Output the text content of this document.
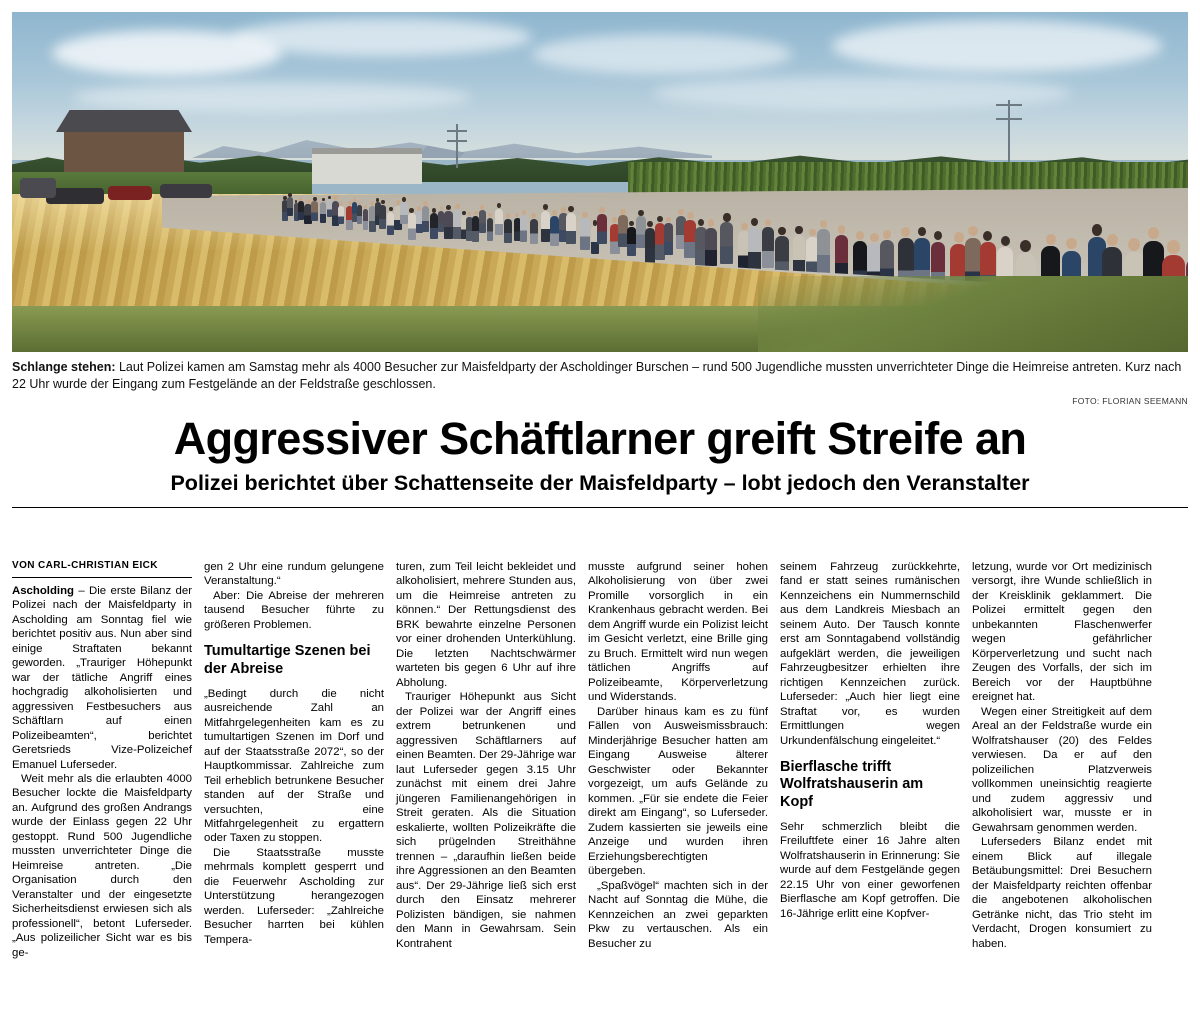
Schlange stehen: Laut Polizei kamen am Samstag mehr als 4000 Besucher zur Maisfeldparty der Ascholdinger Burschen – rund 500 Jugendliche mussten unverrichteter Dinge die Heimreise antreten. Kurz nach 22 Uhr wurde der Eingang zum Festgelände an der Feldstraße geschlossen.
FOTO: FLORIAN SEEMANN
Aggressiver Schäftlarner greift Streife an
Polizei berichtet über Schattenseite der Maisfeldparty – lobt jedoch den Veranstalter
VON CARL-CHRISTIAN EICK

Ascholding – Die erste Bilanz der Polizei nach der Maisfeldparty in Ascholding am Sonntag fiel wie berichtet positiv aus. Nun aber sind einige Straftaten bekannt geworden. „Trauriger Höhepunkt war der tätliche Angriff eines hochgradig alkoholisierten und aggressiven Festbesuchers aus Schäftlarn auf einen Polizeibeamten“, berichtet Geretsrieds Vize-Polizeichef Emanuel Luferseder.

Weit mehr als die erlaubten 4000 Besucher lockte die Maisfeldparty an. Aufgrund des großen Andrangs wurde der Einlass gegen 22 Uhr gestoppt. Rund 500 Jugendliche mussten unverrichteter Dinge die Heimreise antreten. „Die Organisation durch den Veranstalter und der eingesetzte Sicherheitsdienst erwiesen sich als professionell“, betont Luferseder. „Aus polizeilicher Sicht war es bis ge-

gen 2 Uhr eine rundum gelungene Veranstaltung.“

Aber: Die Abreise der mehreren tausend Besucher führte zu größeren Problemen.

Tumultartige Szenen bei der Abreise

„Bedingt durch die nicht ausreichende Zahl an Mitfahrgelegenheiten kam es zu tumultartigen Szenen im Dorf und auf der Staatsstraße 2072“, so der Hauptkommissar. Zahlreiche zum Teil erheblich betrunkene Besucher standen auf der Straße und versuchten, eine Mitfahrgelegenheit zu ergattern oder Taxen zu stoppen.

Die Staatsstraße musste mehrmals komplett gesperrt und die Feuerwehr Ascholding zur Unterstützung herangezogen werden. Luferseder: „Zahlreiche Besucher harrten bei kühlen Tempera-

turen, zum Teil leicht bekleidet und alkoholisiert, mehrere Stunden aus, um die Heimreise antreten zu können.“ Der Rettungsdienst des BRK bewahrte einzelne Personen vor einer drohenden Unterkühlung. Die letzten Nachtschwärmer warteten bis gegen 6 Uhr auf ihre Abholung.

Trauriger Höhepunkt aus Sicht der Polizei war der Angriff eines extrem betrunkenen und aggressiven Schäftlarners auf einen Beamten. Der 29-Jährige war laut Luferseder gegen 3.15 Uhr zunächst mit einem drei Jahre jüngeren Familienangehörigen in Streit geraten. Als die Situation eskalierte, wollten Polizeikräfte die sich prügelnden Streithähne trennen – „daraufhin ließen beide ihre Aggressionen an den Beamten aus“. Der 29-Jährige ließ sich erst durch den Einsatz mehrerer Polizisten bändigen, sie nahmen den Mann in Gewahrsam. Sein Kontrahent

musste aufgrund seiner hohen Alkoholisierung von über zwei Promille vorsorglich in ein Krankenhaus gebracht werden. Bei dem Angriff wurde ein Polizist leicht im Gesicht verletzt, eine Brille ging zu Bruch. Ermittelt wird nun wegen tätlichen Angriffs auf Polizeibeamte, Körperverletzung und Widerstands.

Darüber hinaus kam es zu fünf Fällen von Ausweismissbrauch: Minderjährige Besucher hatten am Eingang Ausweise älterer Geschwister oder Bekannter vorgezeigt, um aufs Gelände zu kommen. „Für sie endete die Feier direkt am Eingang“, so Luferseder. Zudem kassierten sie jeweils eine Anzeige und wurden ihren Erziehungsberechtigten übergeben.

„Spaßvögel“ machten sich in der Nacht auf Sonntag die Mühe, die Kennzeichen an zwei geparkten Pkw zu vertauschen. Als ein Besucher zu

seinem Fahrzeug zurückkehrte, fand er statt seines rumänischen Kennzeichens ein Nummernschild aus dem Landkreis Miesbach an seinem Auto. Der Tausch konnte erst am Sonntagabend vollständig aufgeklärt werden, die jeweiligen Fahrzeugbesitzer erhielten ihre richtigen Kennzeichen zurück. Luferseder: „Auch hier liegt eine Straftat vor, es wurden Ermittlungen wegen Urkundenfälschung eingeleitet.“

Bierflasche trifft Wolfratshauserin am Kopf

Sehr schmerzlich bleibt die Freiluftfete einer 16 Jahre alten Wolfratshauserin in Erinnerung: Sie wurde auf dem Festgelände gegen 22.15 Uhr von einer geworfenen Bierflasche am Kopf getroffen. Die 16-Jährige erlitt eine Kopfver-

letzung, wurde vor Ort medizinisch versorgt, ihre Wunde schließlich in der Kreisklinik geklammert. Die Polizei ermittelt gegen den unbekannten Flaschenwerfer wegen gefährlicher Körperverletzung und sucht nach Zeugen des Vorfalls, der sich im Bereich vor der Hauptbühne ereignet hat.

Wegen einer Streitigkeit auf dem Areal an der Feldstraße wurde ein Wolfratshauser (20) des Feldes verwiesen. Da er auf den polizeilichen Platzverweis vollkommen uneinsichtig reagierte und zudem aggressiv und alkoholisiert war, musste er in Gewahrsam genommen werden.

Luferseders Bilanz endet mit einem Blick auf illegale Betäubungsmittel: Drei Besuchern der Maisfeldparty reichten offenbar die angebotenen alkoholischen Getränke nicht, das Trio steht im Verdacht, Drogen konsumiert zu haben.
